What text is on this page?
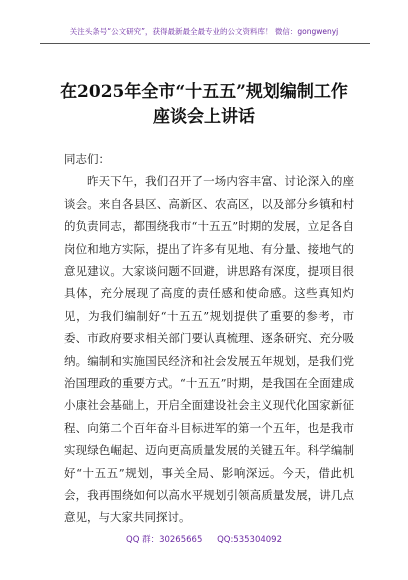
关注头条号“公文研究”，获得最新最全最专业的公文资料库！ 微信：gongwenyj
在2025年全市“十五五”规划编制工作
座谈会上讲话

同志们：

昨天下午，我们召开了一场内容丰富、讨论深入的座谈会。来自各县区、高新区、农高区，以及部分乡镇和村的负责同志，都围绕我市“十五五”时期的发展，立足各自岗位和地方实际，提出了许多有见地、有分量、接地气的意见建议。大家谈问题不回避，讲思路有深度，提项目很具体，充分展现了高度的责任感和使命感。这些真知灼见，为我们编制好“十五五”规划提供了重要的参考，市委、市政府要求相关部门要认真梳理、逐条研究、充分吸纳。编制和实施国民经济和社会发展五年规划，是我们党治国理政的重要方式。“十五五”时期，是我国在全面建成小康社会基础上，开启全面建设社会主义现代化国家新征程、向第二个百年奋斗目标进军的第一个五年，也是我市实现绿色崛起、迈向更高质量发展的关键五年。科学编制好“十五五”规划，事关全局、影响深远。今天，借此机会，我再围绕如何以高水平规划引领高质量发展，讲几点意见，与大家共同探讨。

QQ 群：30265665 QQ:535304092
